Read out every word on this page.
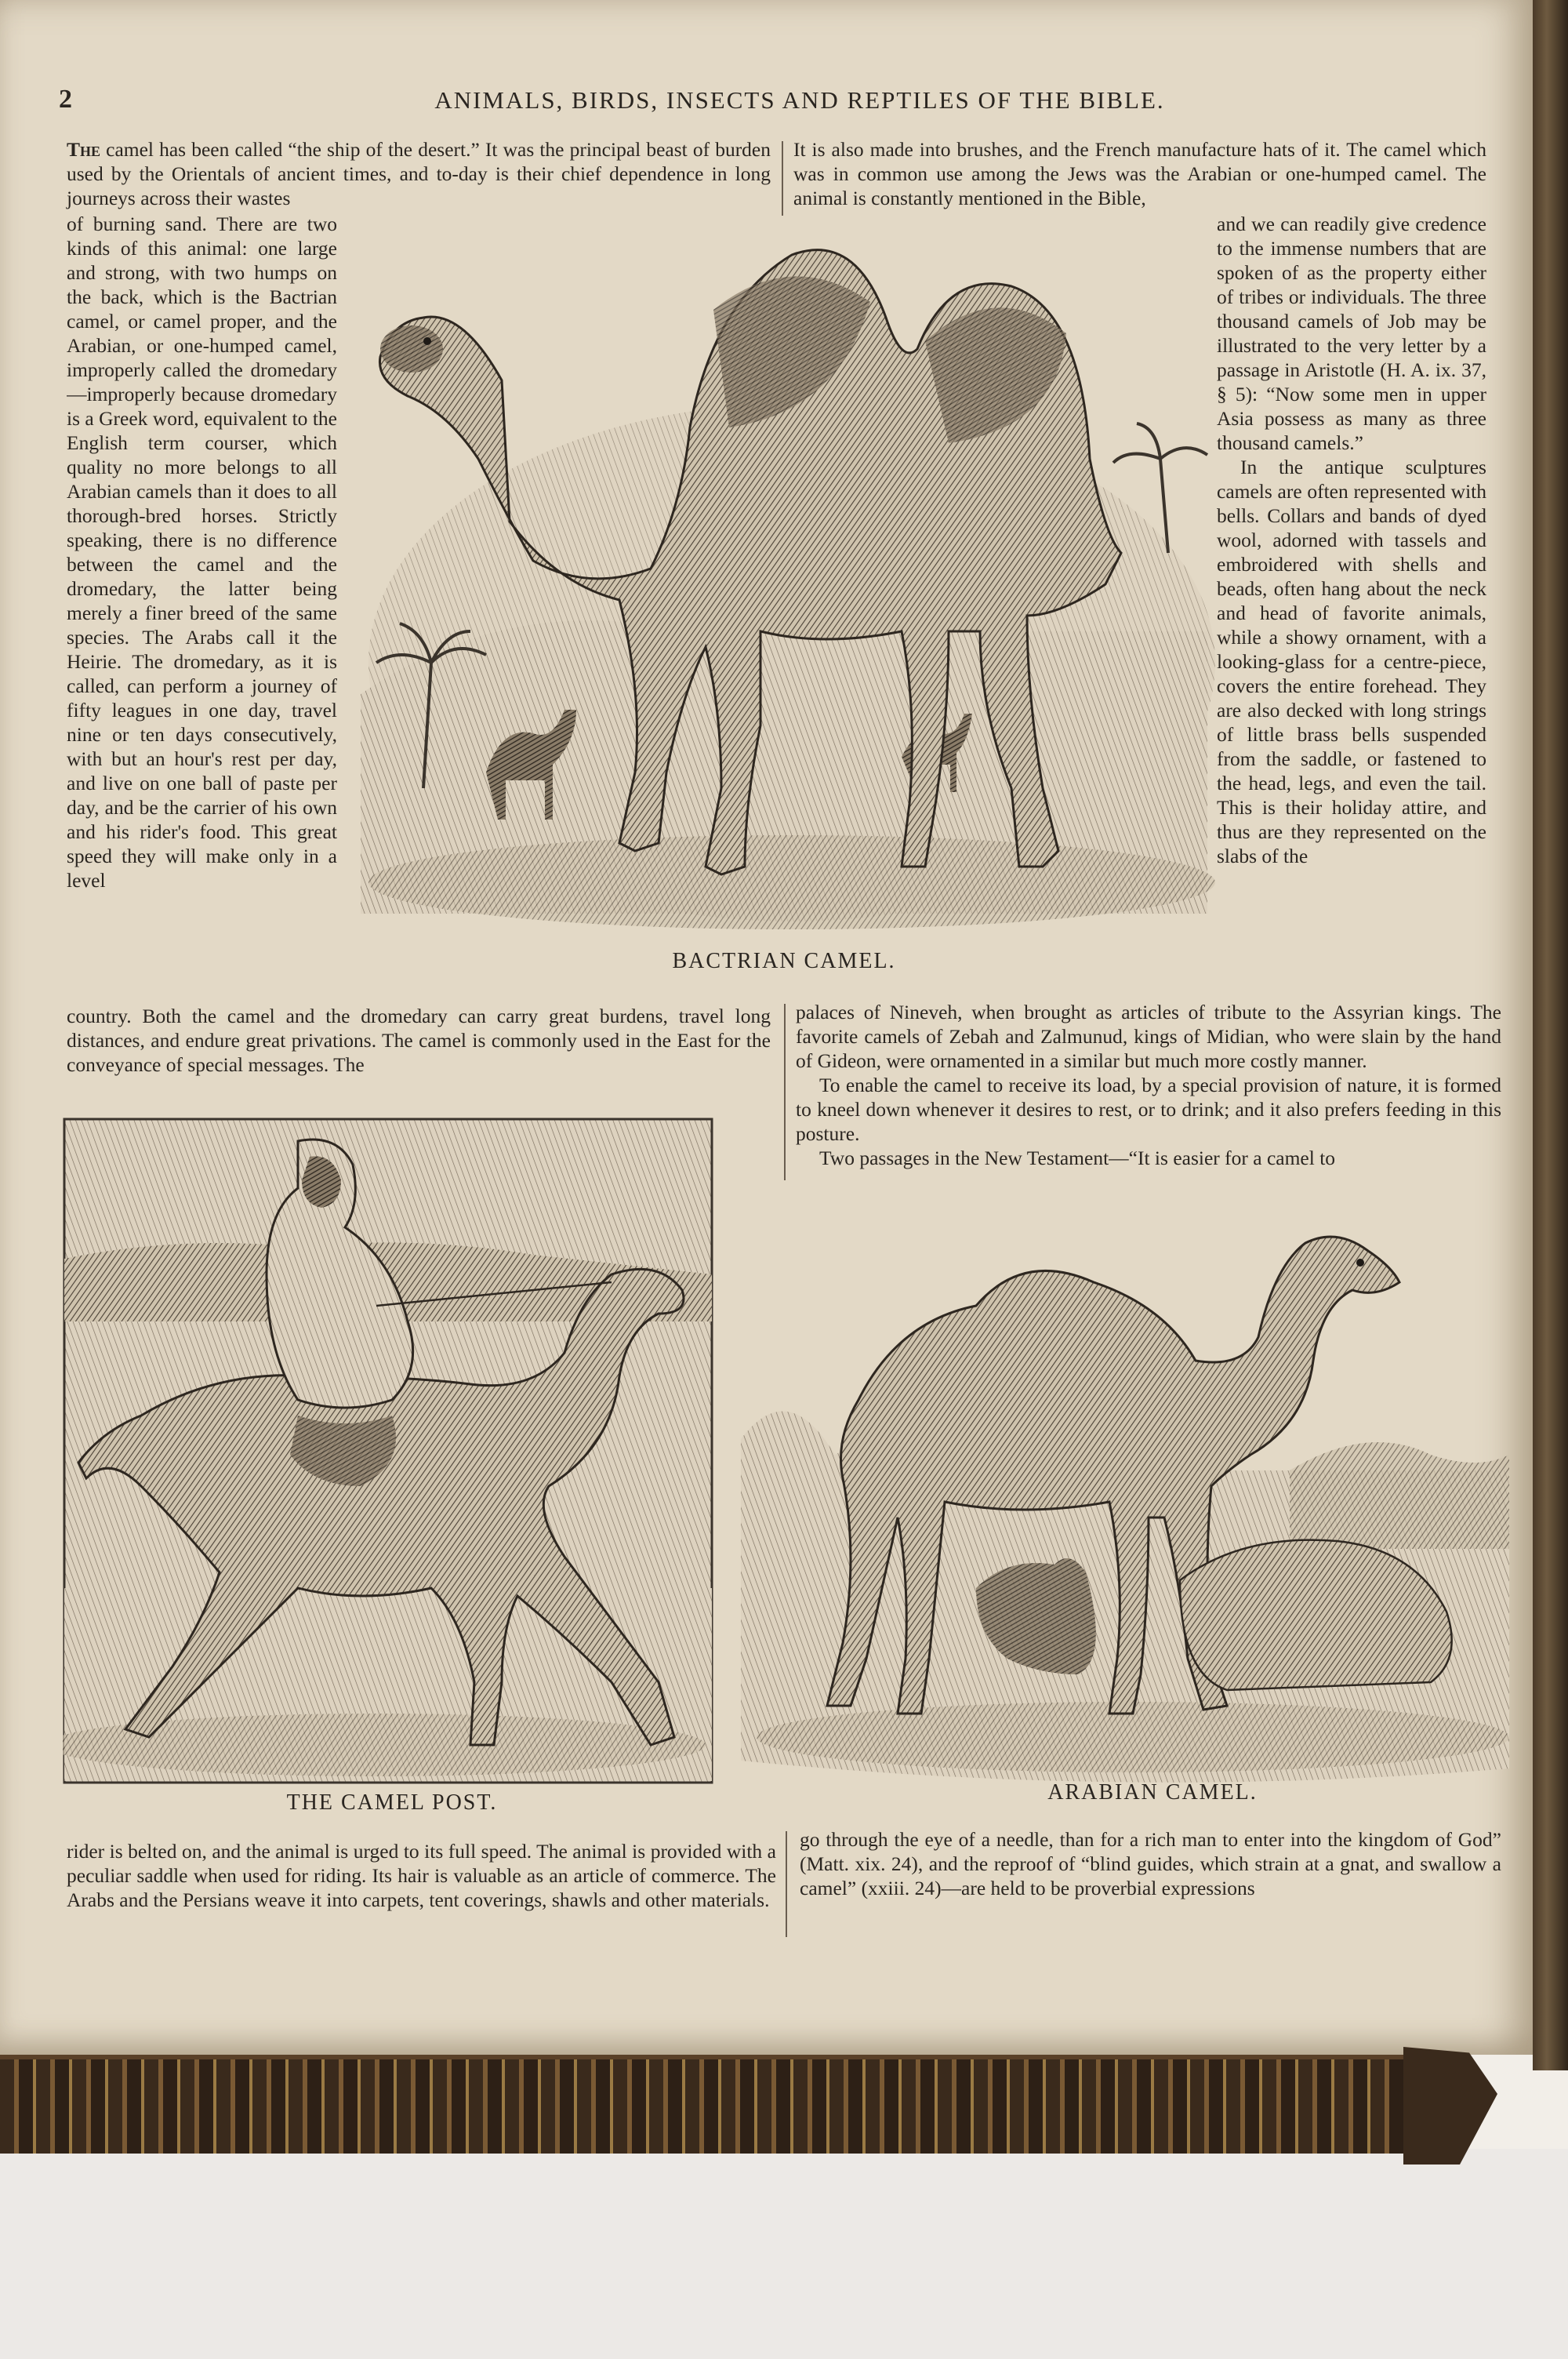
2	ANIMALS, BIRDS, INSECTS AND REPTILES OF THE BIBLE.

The camel has been called “the ship of the desert.” It was the principal beast of burden used by the Orientals of ancient times, and to-day is their chief dependence in long journeys across their wastes

of burning sand. There are two kinds of this animal: one large and strong, with two humps on the back, which is the Bactrian camel, or camel proper, and the Arabian, or one-humped camel, improperly called the dromedary—improperly because dromedary is a Greek word, equivalent to the English term courser, which quality no more belongs to all Arabian camels than it does to all thorough-bred horses. Strictly speaking, there is no difference between the camel and the dromedary, the latter being merely a finer breed of the same species. The Arabs call it the Heirie. The dromedary, as it is called, can perform a journey of fifty leagues in one day, travel nine or ten days consecutively, with but an hour's rest per day, and live on one ball of paste per day, and be the carrier of his own and his rider's food. This great speed they will make only in a level

country. Both the camel and the dromedary can carry great burdens, travel long distances, and endure great privations. The camel is commonly used in the East for the conveyance of special messages. The

It is also made into brushes, and the French manufacture hats of it. The camel which was in common use among the Jews was the Arabian or one-humped camel. The animal is constantly mentioned in the Bible,

and we can readily give credence to the immense numbers that are spoken of as the property either of tribes or individuals. The three thousand camels of Job may be illustrated to the very letter by a passage in Aristotle (H. A. ix. 37, § 5): “Now some men in upper Asia possess as many as three thousand camels.”

In the antique sculptures camels are often represented with bells. Collars and bands of dyed wool, adorned with tassels and embroidered with shells and beads, often hang about the neck and head of favorite animals, while a showy ornament, with a looking-glass for a centre-piece, covers the entire forehead. They are also decked with long strings of little brass bells suspended from the saddle, or fastened to the head, legs, and even the tail. This is their holiday attire, and thus are they represented on the slabs of the

palaces of Nineveh, when brought as articles of tribute to the Assyrian kings. The favorite camels of Zebah and Zalmunud, kings of Midian, who were slain by the hand of Gideon, were ornamented in a similar but much more costly manner.

To enable the camel to receive its load, by a special provision of nature, it is formed to kneel down whenever it desires to rest, or to drink; and it also prefers feeding in this posture.

Two passages in the New Testament—“It is easier for a camel to

BACTRIAN CAMEL.
THE CAMEL POST.	ARABIAN CAMEL.

rider is belted on, and the animal is urged to its full speed. The animal is provided with a peculiar saddle when used for riding. Its hair is valuable as an article of commerce. The Arabs and the Persians weave it into carpets, tent coverings, shawls and other materials.

go through the eye of a needle, than for a rich man to enter into the kingdom of God” (Matt. xix. 24), and the reproof of “blind guides, which strain at a gnat, and swallow a camel” (xxiii. 24)—are held to be proverbial expressions
